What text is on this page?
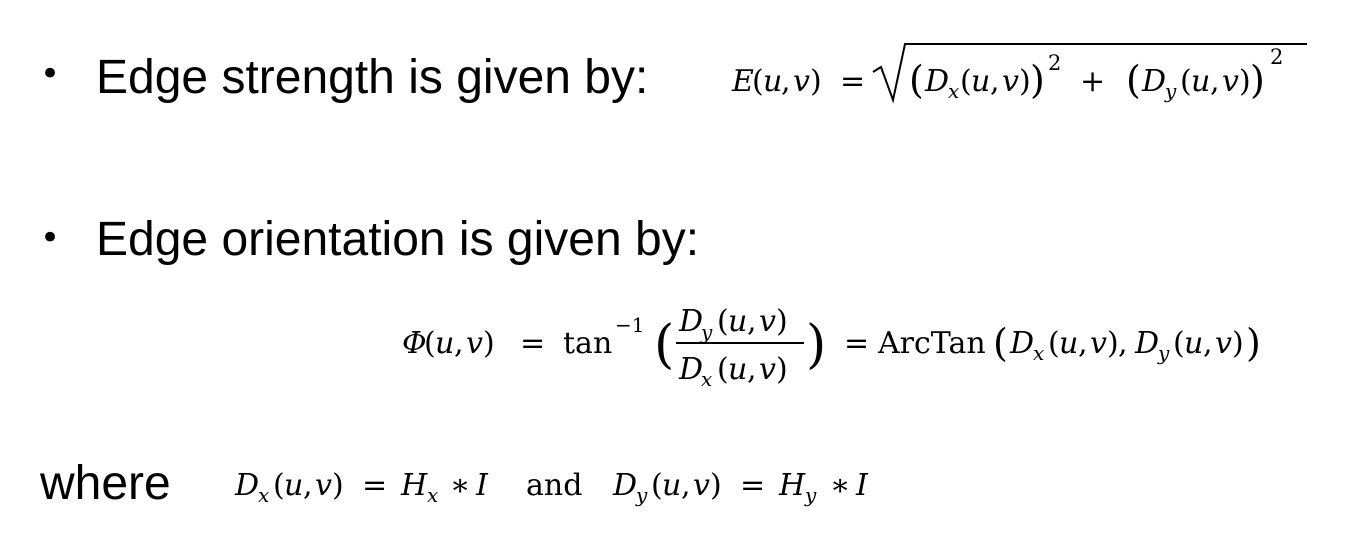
• Edge strength is given by:
• Edge orientation is given by:
where
E
( u
, v ) = ( D
x ( u , v ) ) 2
+ ( D
y ( u , v ) )
2
Φ
( u , v ) = tan
−1 ( D
y ( u , v )
D
x ( u , v ) ) = ArcTan ( D
x ( u , v ) , D
y ( u , v ) )
D
x ( u , v ) = H x ∗ I and D
y ( u , v ) = H y ∗ I
